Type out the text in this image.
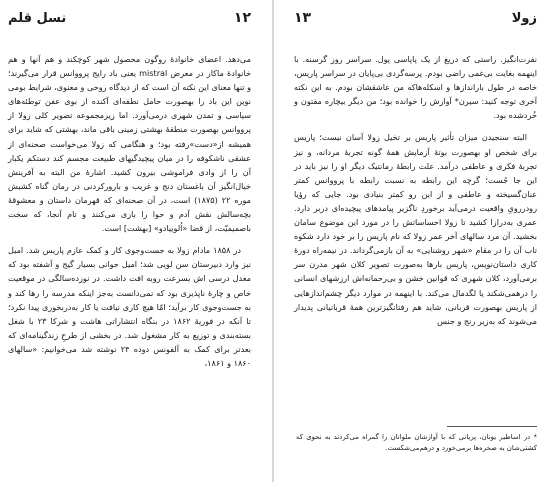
۱۲
نسل قلم

می‌دهد. اعضای خانوادهٔ روگون محصول شهر کوچکند و هم آنها و هم خانوادهٔ ماکار در معرض mistral یعنی باد رایج پرووانس قرار می‌گیرند؛ و تنها معنای این نکته آن است که از دیدگاه روحی و معنوی، شرایط بومی نوین این باد را بهصورت حامل نطفه‌ای آکنده از بوی عفن توطئه‌های سیاسی و تمدن شهری درمی‌آورد. اما زیرمجموعه تصویر کلی زولا از پرووانس بهصورت منطقهٔ بهشتی زمینی باقی ماند، بهشتی که شاید برای همیشه از«دست»رفته بود؛ و هنگامی که زولا می‌خواست صحنه‌ای از عشقی ناشکوفه را در میان پیچیدگیهای طبیعت مجسم کند دستکم یکبار آن را از وادی فراموشی بیرون کشید. اشارهٔ من البته به آفرینش خیال‌انگیز آن باغستان دنج و غریب و بارورکردنی در رمان گناه کشیش موره ۲۲ (۱۸۷۵) است، در آن صحنه‌ای که قهرمان داستان و معشوقهٔ بچه‌سالش نقش آدم و حوا را بازی می‌کنند و تام آنجا، که سخت باصمیمیّت، از قضا «اُلوییادو» [بهشت] است.

در ۱۸۵۸ مادام زولا به جست‌وجوی کار و کمک عازم پاریس شد. امیل نیز وارد دبیرستان سن لویی شد؛ امیل جوانی بسیار گیج و آشفته بود که معدل درسی اش بسرعت روبه افت داشت. در نوزده‌سالگی در موقعیت خاص و چارهٔ ناپذیری بود که نمی‌دانست به‌جز اینکه مدرسه را رها کند و به جست‌وجوی کار برآید؛ امّا هیچ کاری نیافت یا کار به‌دربخوری پیدا نکرد؛ تا آنکه در فوریهٔ ۱۸۶۲ در بنگاه انتشاراتی هاشت و شرکا ۲۳ با شغل بسته‌بندی و توزیع به کار مشغول شد. در بخشی از طرحِ زندگینامه‌ای که بعدتر برای کمک به آلفونس دوده ۲۴ نوشته شد می‌خوانیم: «سالهای ۱۸۶۰ و ۱۸۶۱،

زولا
۱۳

نفرت‌انگیز. راستی که دریغ از یک پاپاسی پول. سراسر روز گرسنه. با اینهمه بغایت بی‌غمی راضی بودم. پرسه‌گردی بی‌پایان در سراسر پاریس، خاصه در طول بارانداز‌ها و اسکله‌هاکه من عاشقشان بودم. به این نکته آخری توجه کنید: سیرن* آوازش را خوانده بود؛ من دیگر بیچاره مفتون و خُردشده بود.

البته سنجیدن میزان تأثیر پاریس بر تخیل زولا آسان نیست؛ پاریس برای شخص او بهصورت بوتهٔ آزمایش همهٔ گونه تجربهٔ مردانه، و نیز تجربهٔ فکری و عاطفی درآمد. علت رابطهٔ رمانتیک دیگر او را نیز باید در این جا جُست؛ گرچه این رابطه به نسبت رابطه با پرووانس کمتر عنان‌گسیخته و عاطفی و از این رو کمتر بنیادی بود. جایی که رؤیا رودررویِ واقعیت درمی‌آید برخوردِ ناگزیر پیامدهای پیچیده‌ای دربر دارد. عمری به‌درازا کشید تا زولا احساساتش را در مورد این موضوع سامان بخشید. آن مرد سالهای آخر عمر زولا که نام پاریس را بر خود دارد شکوه تاب آن را در مقام «شهر روشنایی» به آن بازمی‌گرداند. در نیمه‌راه دورهٔ کاری داستان‌نویس، پاریس بارها به‌صورت تصویر کلان شهر مدرن سر برمی‌آورد، کلان شهری که قوانین خشن و بی‌رحمانه‌اش ارزشهای انسانی را درهمی‌شکند یا لگدمال می‌کند. با اینهمه در موارد دیگر چشم‌اندازهایی از پاریس بهصورت قربانی، شاید هم رفتانگیزترین همهٔ قربانیانی پدیدار می‌شوند که به‌زیر رنج و جنس

* در اساطیر یونان، پریانی که با آوازشان ملوانان را گمراه می‌کردند به نحوی که کشتی‌شان به صخره‌ها برمی‌خورد و درهم‌می‌شکست.
